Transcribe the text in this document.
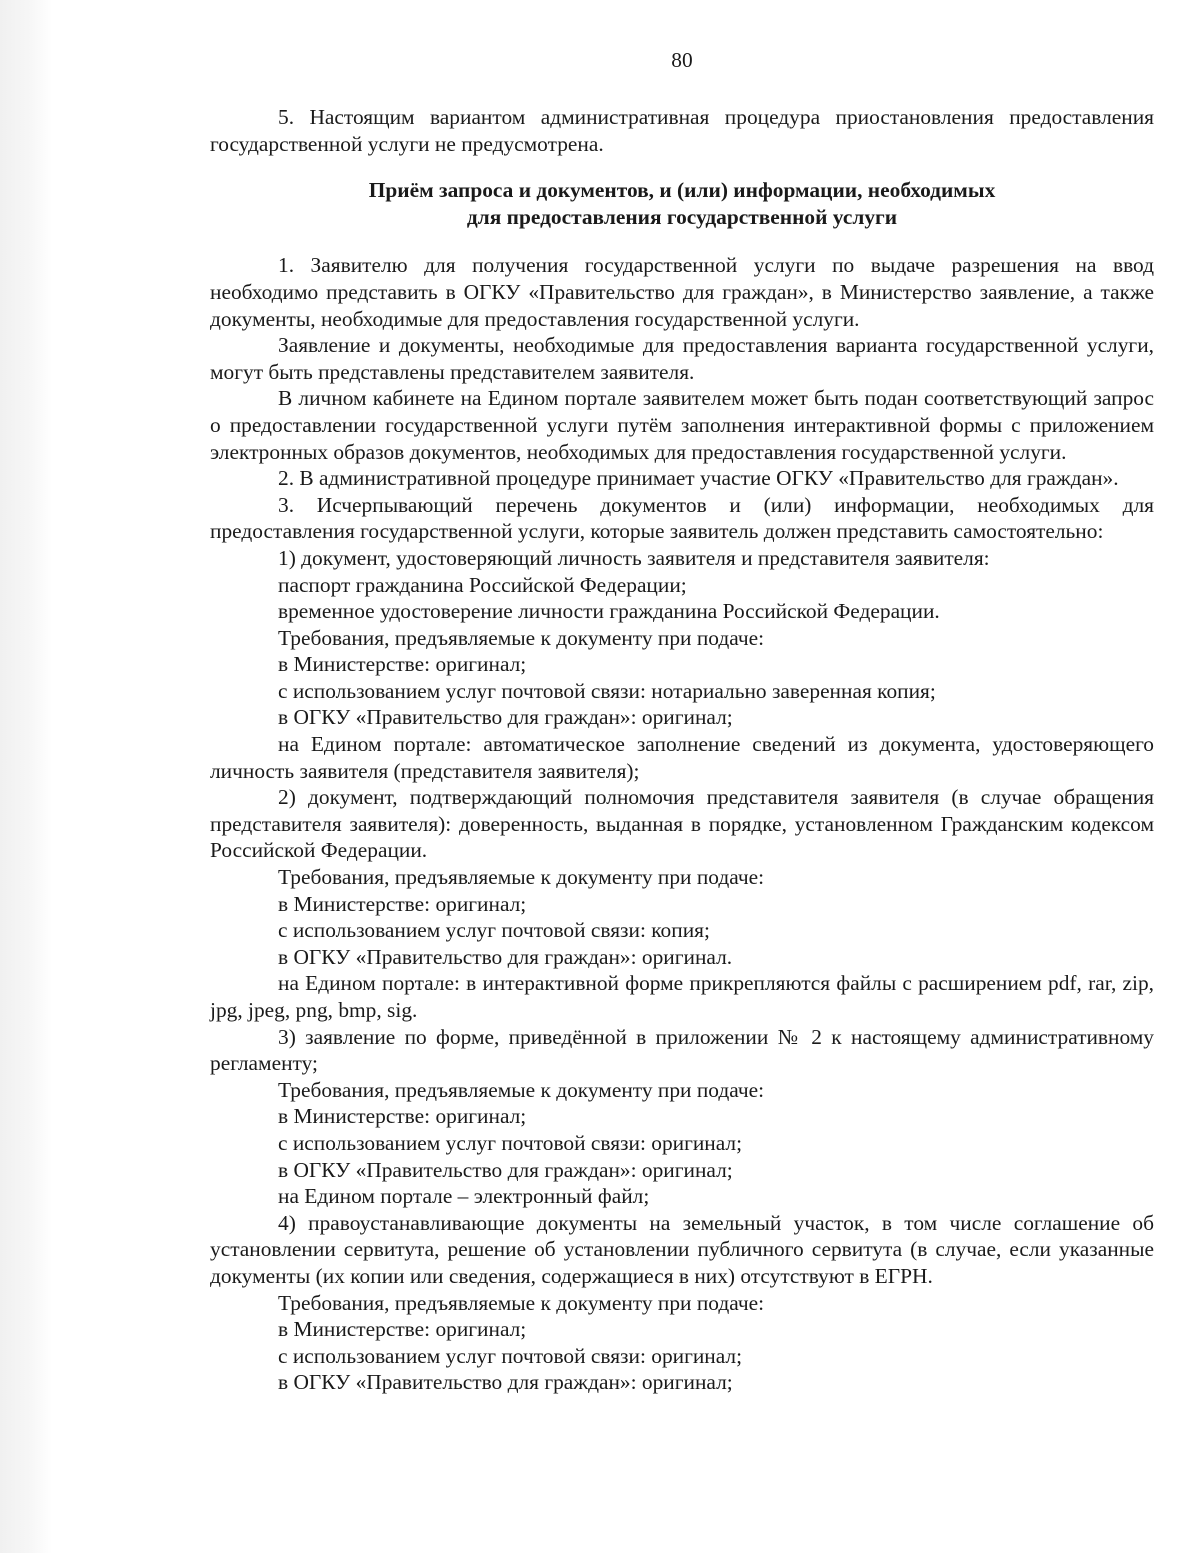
80

5. Настоящим вариантом административная процедура приостановления предоставления государственной услуги не предусмотрена.

Приём запроса и документов, и (или) информации, необходимых
для предоставления государственной услуги

1. Заявителю для получения государственной услуги по выдаче разрешения на ввод необходимо представить в ОГКУ «Правительство для граждан», в Министерство заявление, а также документы, необходимые для предоставления государственной услуги.

Заявление и документы, необходимые для предоставления варианта государственной услуги, могут быть представлены представителем заявителя.

В личном кабинете на Едином портале заявителем может быть подан соответствующий запрос о предоставлении государственной услуги путём заполнения интерактивной формы с приложением электронных образов документов, необходимых для предоставления государственной услуги.

2. В административной процедуре принимает участие ОГКУ «Правительство для граждан».

3. Исчерпывающий перечень документов и (или) информации, необходимых для предоставления государственной услуги, которые заявитель должен представить самостоятельно:

1) документ, удостоверяющий личность заявителя и представителя заявителя:

паспорт гражданина Российской Федерации;

временное удостоверение личности гражданина Российской Федерации.

Требования, предъявляемые к документу при подаче:

в Министерстве: оригинал;

с использованием услуг почтовой связи: нотариально заверенная копия;

в ОГКУ «Правительство для граждан»: оригинал;

на Едином портале: автоматическое заполнение сведений из документа, удостоверяющего личность заявителя (представителя заявителя);

2) документ, подтверждающий полномочия представителя заявителя (в случае обращения представителя заявителя): доверенность, выданная в порядке, установленном Гражданским кодексом Российской Федерации.

Требования, предъявляемые к документу при подаче:

в Министерстве: оригинал;

с использованием услуг почтовой связи: копия;

в ОГКУ «Правительство для граждан»: оригинал.

на Едином портале: в интерактивной форме прикрепляются файлы с расширением pdf, rar, zip, jpg, jpeg, png, bmp, sig.

3) заявление по форме, приведённой в приложении № 2 к настоящему административному регламенту;

Требования, предъявляемые к документу при подаче:

в Министерстве: оригинал;

с использованием услуг почтовой связи: оригинал;

в ОГКУ «Правительство для граждан»: оригинал;

на Едином портале – электронный файл;

4) правоустанавливающие документы на земельный участок, в том числе соглашение об установлении сервитута, решение об установлении публичного сервитута (в случае, если указанные документы (их копии или сведения, содержащиеся в них) отсутствуют в ЕГРН.

Требования, предъявляемые к документу при подаче:

в Министерстве: оригинал;

с использованием услуг почтовой связи: оригинал;

в ОГКУ «Правительство для граждан»: оригинал;
